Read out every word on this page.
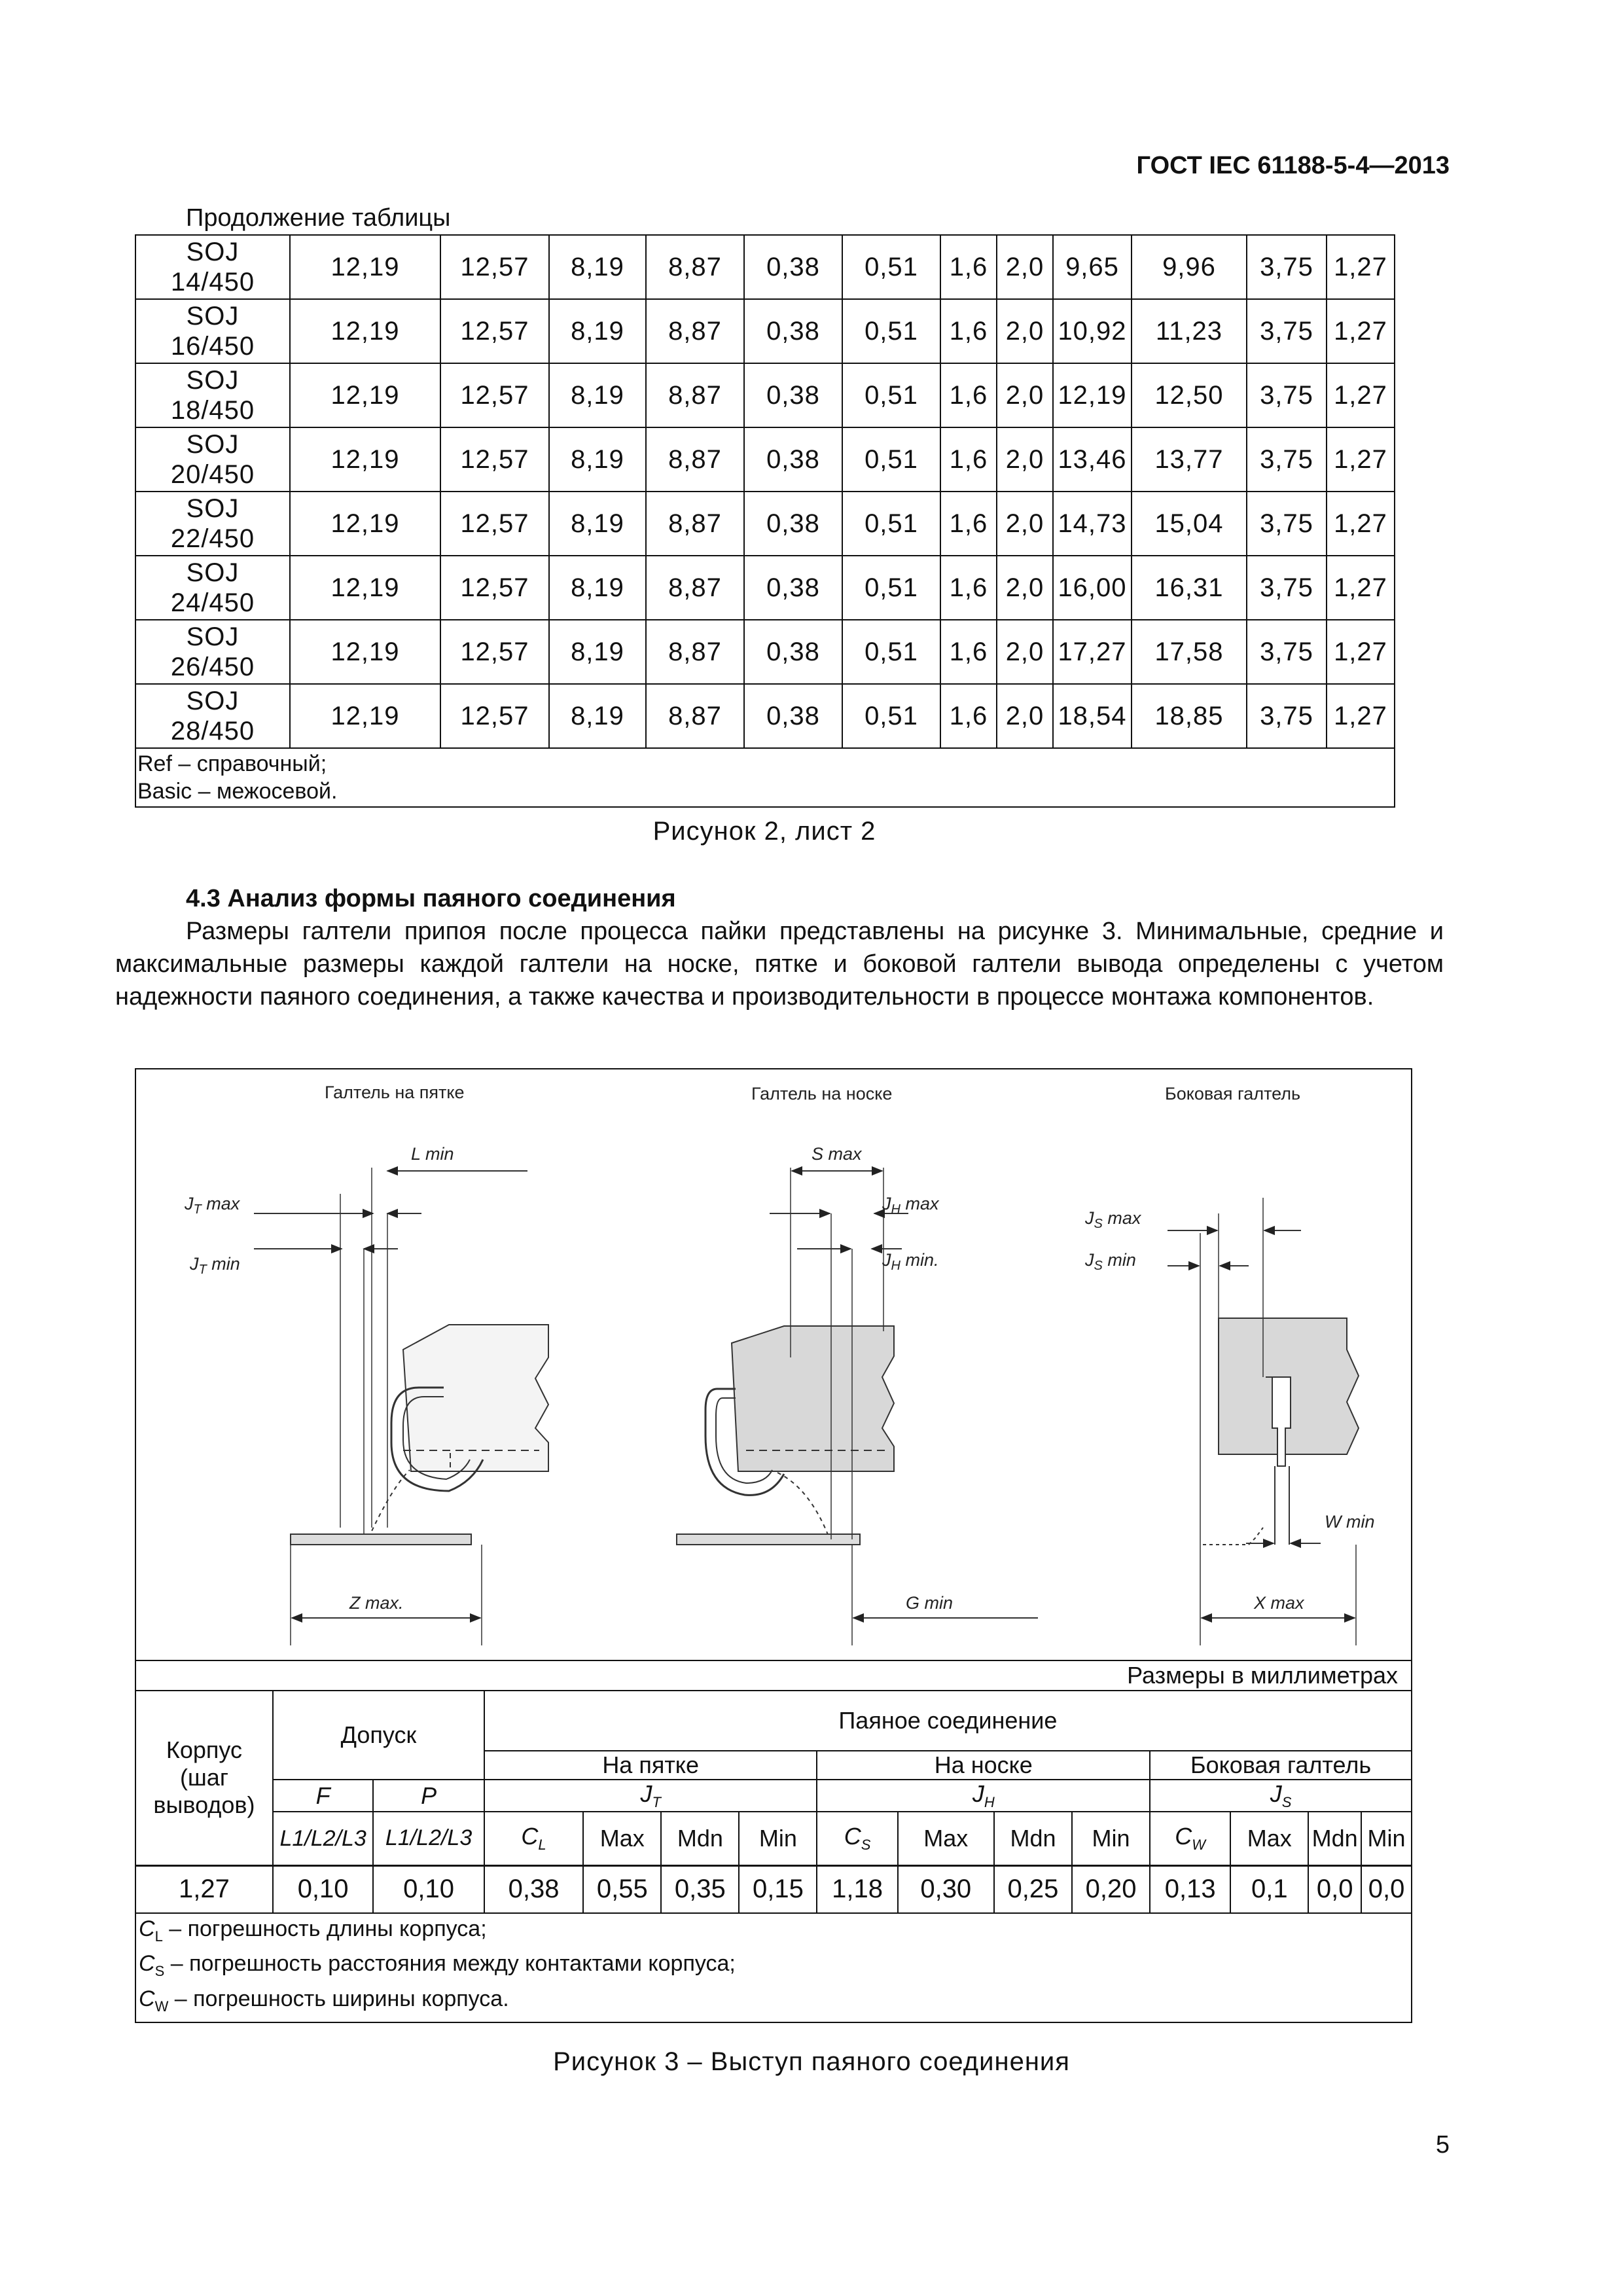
ГОСТ IEC 61188-5-4—2013
Продолжение таблицы
SOJ
14/450	12,19	12,57	8,19	8,87	0,38	0,51	1,6	2,0	9,65	9,96	3,75	1,27

SOJ
16/450	12,19	12,57	8,19	8,87	0,38	0,51	1,6	2,0	10,92	11,23	3,75	1,27

SOJ
18/450	12,19	12,57	8,19	8,87	0,38	0,51	1,6	2,0	12,19	12,50	3,75	1,27

SOJ
20/450	12,19	12,57	8,19	8,87	0,38	0,51	1,6	2,0	13,46	13,77	3,75	1,27

SOJ
22/450	12,19	12,57	8,19	8,87	0,38	0,51	1,6	2,0	14,73	15,04	3,75	1,27

SOJ
24/450	12,19	12,57	8,19	8,87	0,38	0,51	1,6	2,0	16,00	16,31	3,75	1,27

SOJ
26/450	12,19	12,57	8,19	8,87	0,38	0,51	1,6	2,0	17,27	17,58	3,75	1,27

SOJ
28/450	12,19	12,57	8,19	8,87	0,38	0,51	1,6	2,0	18,54	18,85	3,75	1,27

Ref – справочный;
Basic – межосевой.												
Рисунок 2, лист 2
4.3 Анализ формы паяного соединения
Размеры галтели припоя после процесса пайки представлены на рисунке 3. Минимальные, средние и максимальные размеры каждой галтели на носке, пятке и боковой галтели вывода определены с учетом надежности паяного соединения, а также качества и производительности в процессе монтажа компонентов.
Галтель на пятке	Галтель на носке	Боковая галтель
L min
$J_T$ max
$J_T$ min
Z max.
S max
$J_H$ max
$J_H$ min.
G min
$J_S$ max
$J_S$ min
W min
X max
Размеры в миллиметрах														

Корпус
(шаг
выводов)	Допуск		Паяное соединение											
			На пятке				На носке				Боковая галтель			
	F	P	$J_T$				$J_H$				$J_S$
	L1/L2/L3	L1/L2/L3	$C_L$	Max	Mdn	Min	$C_S$	Max	Mdn	Min	$C_W$	Max	Mdn	Min
1,27	0,10	0,10	0,38	0,55	0,35	0,15	1,18	0,30	0,25	0,20	0,13	0,1	0,0	0,0

$C_L$ – погрешность длины корпуса;
$C_S$ – погрешность расстояния между контактами корпуса;
$C_W$ – погрешность ширины корпуса.														
Рисунок 3 – Выступ паяного соединения
5
